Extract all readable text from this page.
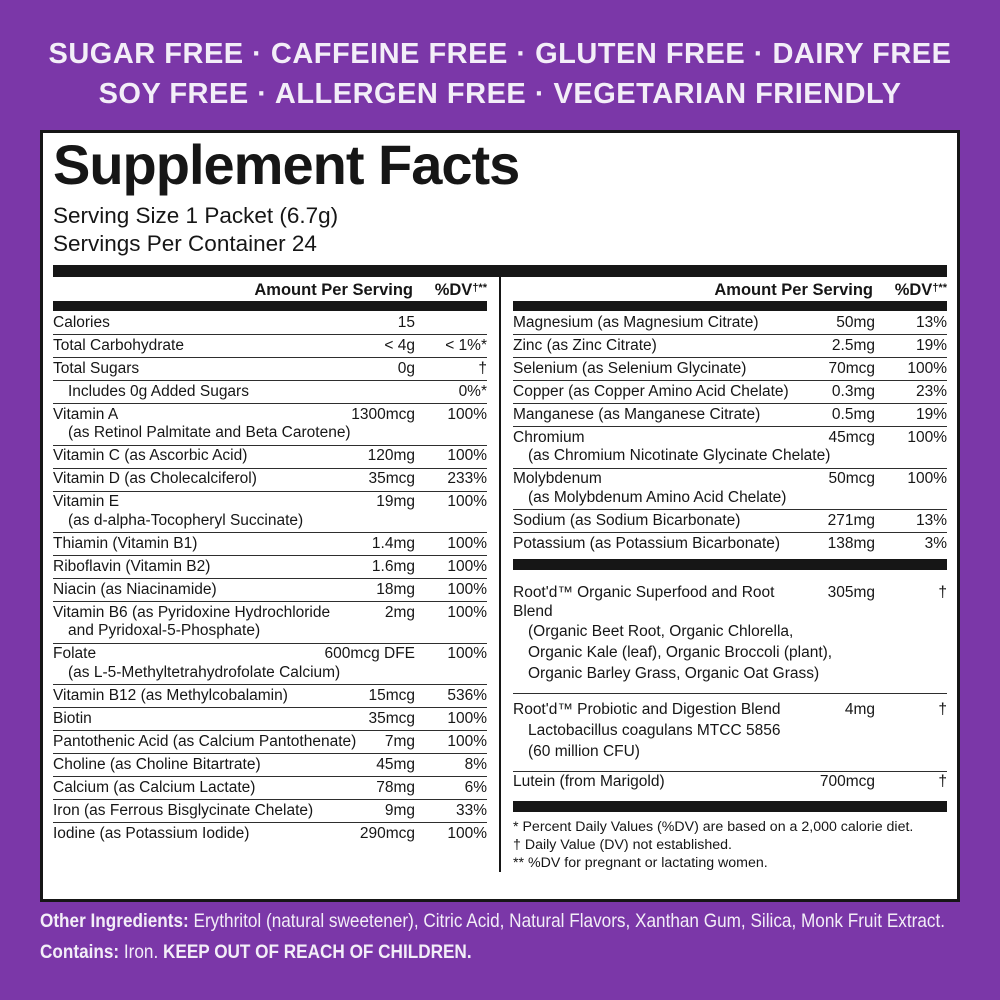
SUGAR FREE · CAFFEINE FREE · GLUTEN FREE · DAIRY FREE
SOY FREE · ALLERGEN FREE · VEGETARIAN FRIENDLY
Supplement Facts
Serving Size 1 Packet (6.7g)
Servings Per Container 24
Amount Per Serving %DV†**
Calories	15
Total Carbohydrate	< 4g < 1%*
Total Sugars	0g	†
Includes 0g Added Sugars	0%*
Vitamin A
(as Retinol Palmitate and Beta Carotene)
1300mcg 100%
Vitamin C (as Ascorbic Acid)	120mg 100%
Vitamin D (as Cholecalciferol)	35mcg 233%
Vitamin E
(as d-alpha-Tocopheryl Succinate)
19mg 100%
Thiamin (Vitamin B1)	1.4mg 100%
Riboflavin (Vitamin B2)	1.6mg 100%
Niacin (as Niacinamide)	18mg 100%
Vitamin B6 (as Pyridoxine Hydrochloride
and Pyridoxal-5-Phosphate)
2mg 100%
Folate
(as L-5-Methyltetrahydrofolate Calcium)
600mcg DFE 100%
Vitamin B12 (as Methylcobalamin)	15mcg 536%
Biotin	35mcg 100%
Pantothenic Acid (as Calcium Pantothenate)	7mg 100%
Choline (as Choline Bitartrate)	45mg	8%
Calcium (as Calcium Lactate)	78mg	6%
Iron (as Ferrous Bisglycinate Chelate)	9mg	33%
Iodine (as Potassium Iodide)	290mcg 100%
Amount Per Serving %DV†**
Magnesium (as Magnesium Citrate)	50mg	13%
Zinc (as Zinc Citrate)	2.5mg	19%
Selenium (as Selenium Glycinate)	70mcg 100%
Copper (as Copper Amino Acid Chelate)	0.3mg	23%
Manganese (as Manganese Citrate)	0.5mg	19%
Chromium
(as Chromium Nicotinate Glycinate Chelate)
45mcg 100%
Molybdenum
(as Molybdenum Amino Acid Chelate)
50mcg 100%
Sodium (as Sodium Bicarbonate)	271mg	13%
Potassium (as Potassium Bicarbonate)	138mg	3%
Root'd™ Organic Superfood and Root Blend
(Organic Beet Root, Organic Chlorella,
Organic Kale (leaf), Organic Broccoli (plant),
Organic Barley Grass, Organic Oat Grass)
305mg	†
Root'd™ Probiotic and Digestion Blend
Lactobacillus coagulans MTCC 5856
(60 million CFU)
4mg	†
Lutein (from Marigold)	700mcg	†
* Percent Daily Values (%DV) are based on a 2,000 calorie diet.
† Daily Value (DV) not established.
** %DV for pregnant or lactating women.
Other Ingredients: Erythritol (natural sweetener), Citric Acid, Natural Flavors, Xanthan Gum, Silica, Monk Fruit Extract.
Contains: Iron. KEEP OUT OF REACH OF CHILDREN.
